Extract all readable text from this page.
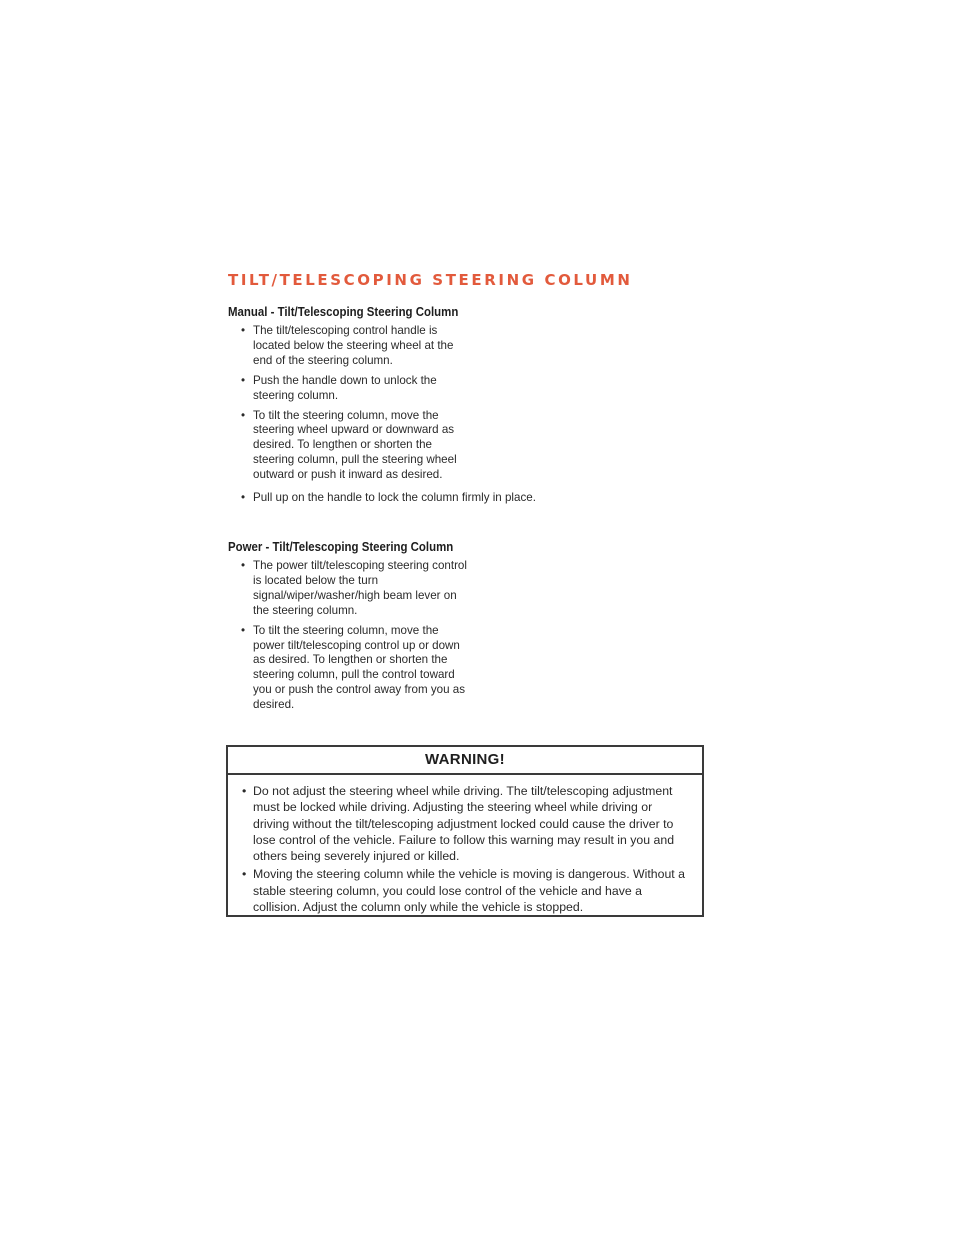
TILT/TELESCOPING STEERING COLUMN
Manual - Tilt/Telescoping Steering Column
• The tilt/telescoping control handle is located below the steering wheel at the end of the steering column.
• Push the handle down to unlock the steering column.
• To tilt the steering column, move the steering wheel upward or downward as desired. To lengthen or shorten the steering column, pull the steering wheel outward or push it inward as desired.
• Pull up on the handle to lock the column firmly in place.
Power - Tilt/Telescoping Steering Column
• The power tilt/telescoping steering control is located below the turn signal/wiper/washer/high beam lever on the steering column.
• To tilt the steering column, move the power tilt/telescoping control up or down as desired. To lengthen or shorten the steering column, pull the control toward you or push the control away from you as desired.
WARNING!
• Do not adjust the steering wheel while driving. The tilt/telescoping adjustment must be locked while driving. Adjusting the steering wheel while driving or driving without the tilt/telescoping adjustment locked could cause the driver to lose control of the vehicle. Failure to follow this warning may result in you and others being severely injured or killed.
• Moving the steering column while the vehicle is moving is dangerous. Without a stable steering column, you could lose control of the vehicle and have a collision. Adjust the column only while the vehicle is stopped.
